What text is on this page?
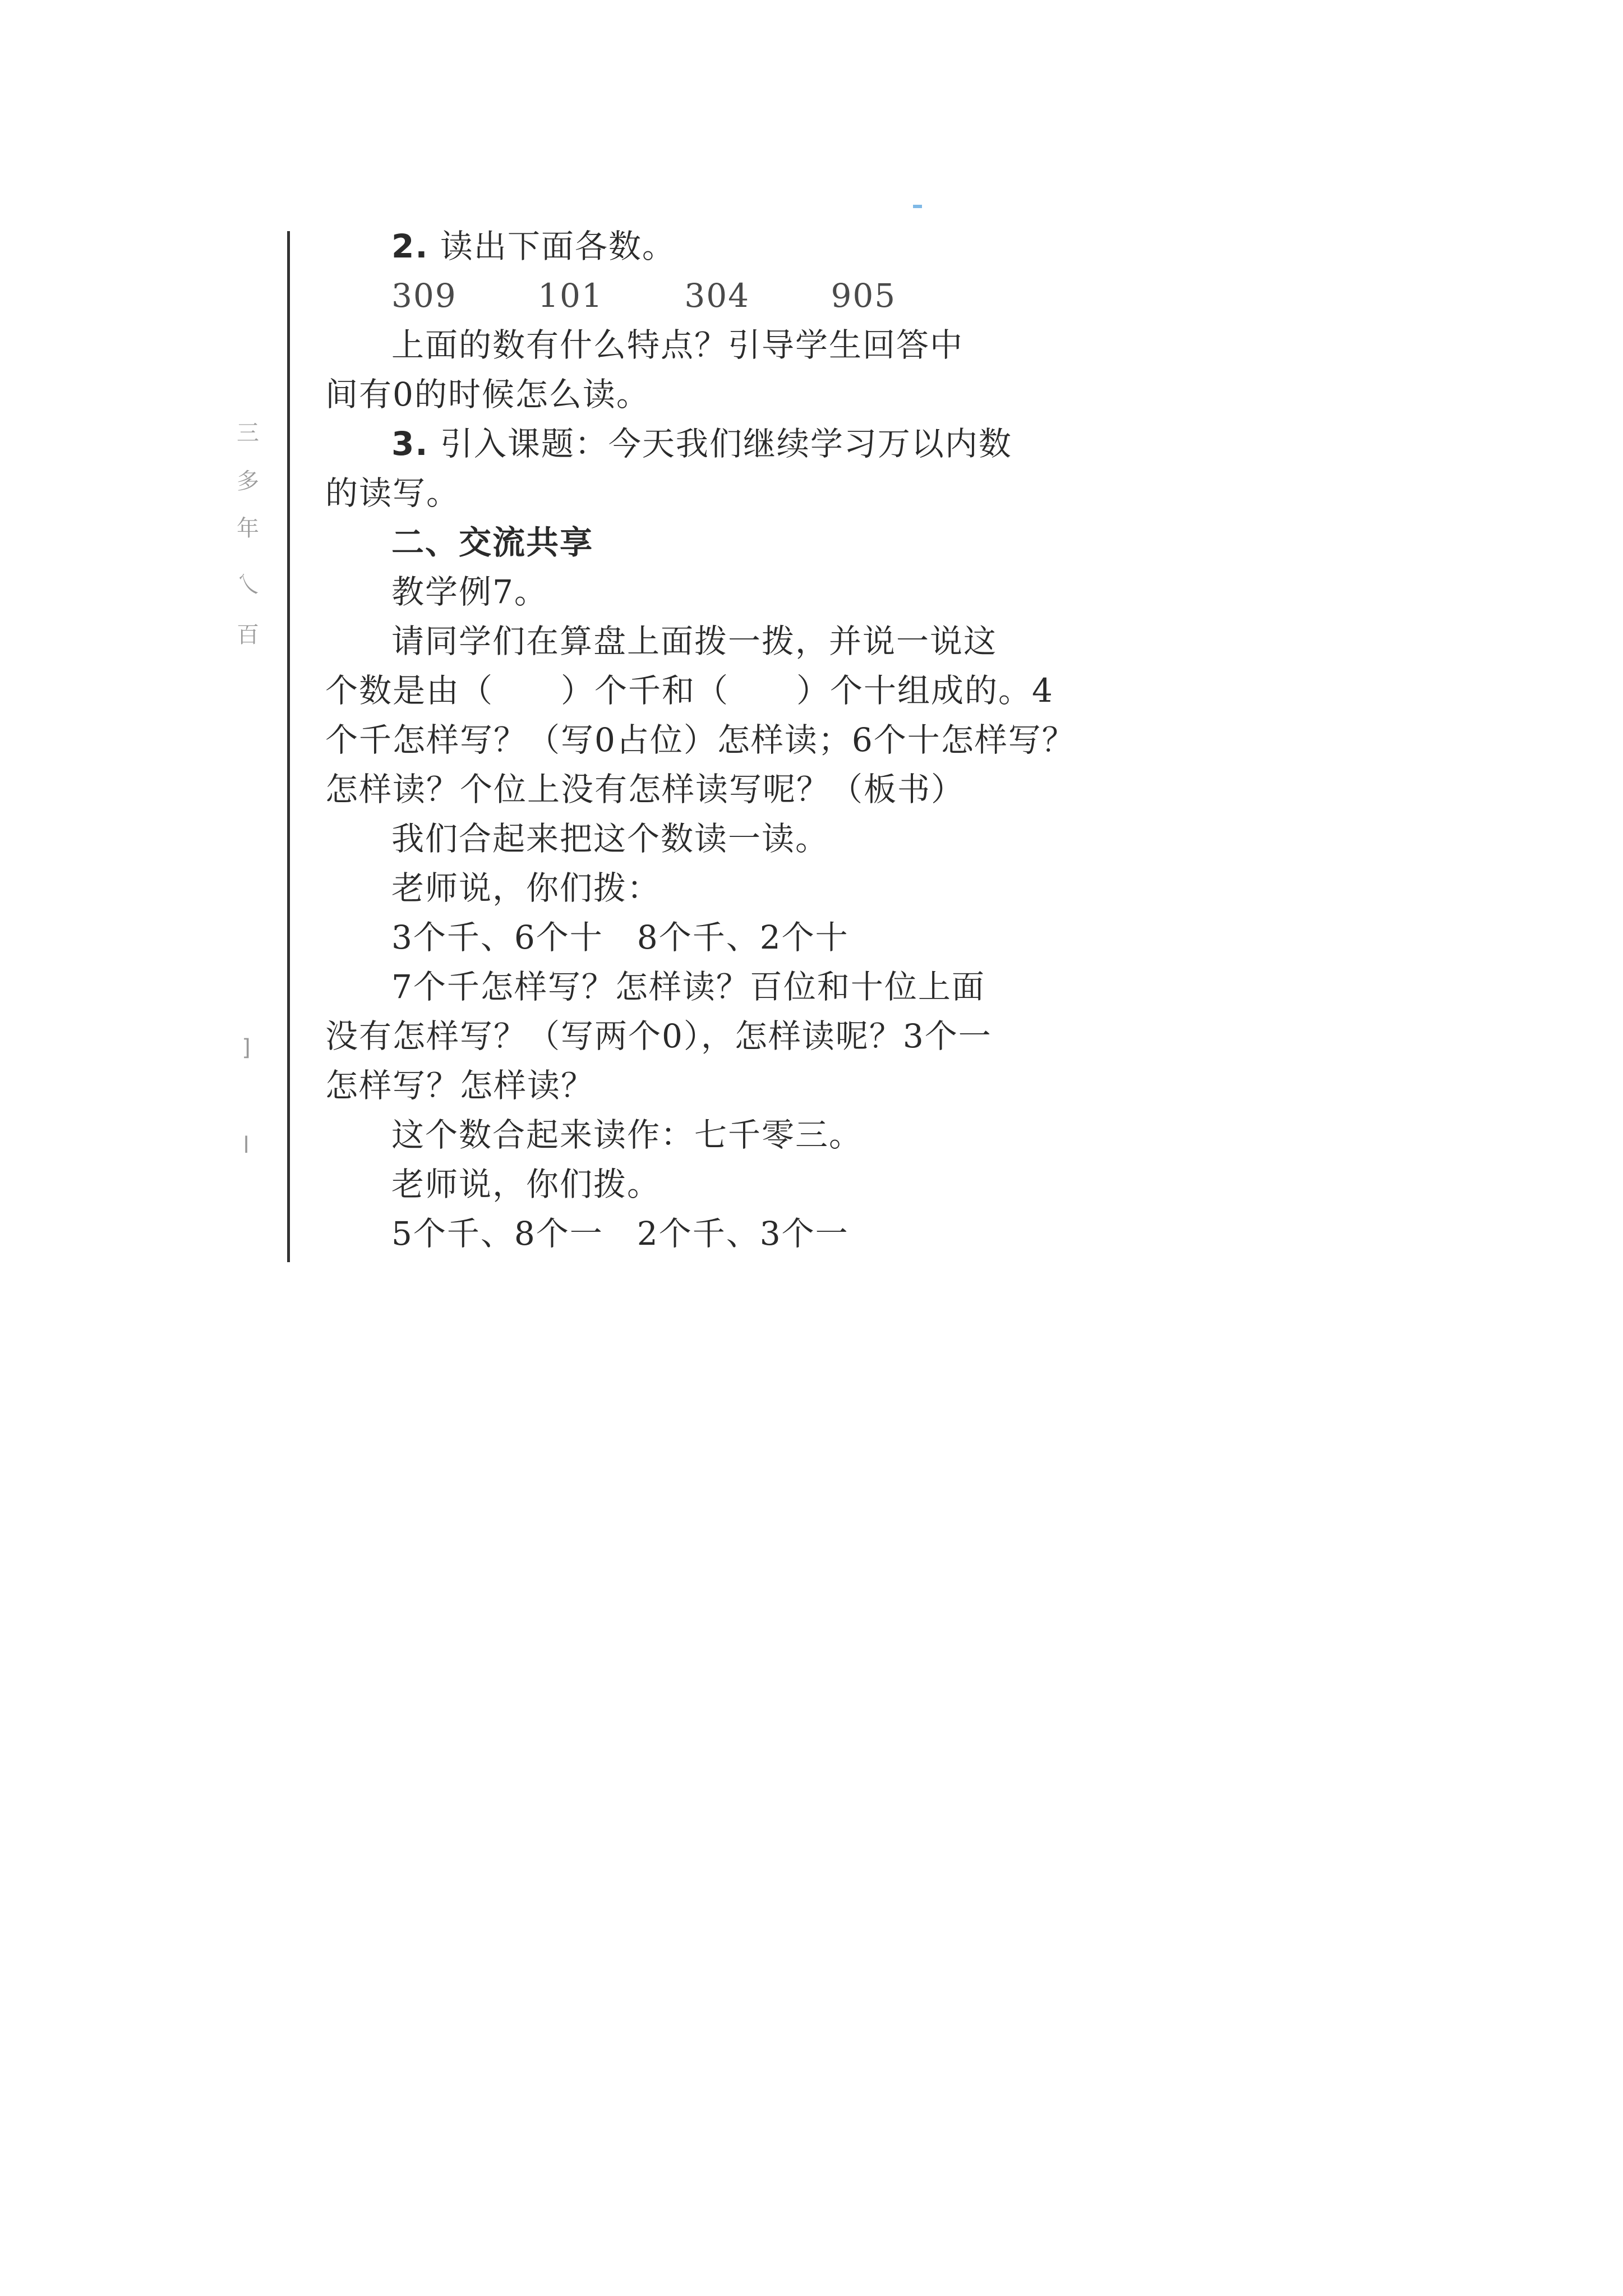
三
多
年
乀
百
]
l
2. 读出下面各数。
309 101 304 905
上面的数有什么特点？引导学生回答中
间有0的时候怎么读。
3. 引入课题：今天我们继续学习万以内数
的读写。
二、交流共享
教学例7。
请同学们在算盘上面拨一拨，并说一说这
个数是由（　　）个千和（　　）个十组成的。4
个千怎样写？（写0占位）怎样读；6个十怎样写？
怎样读？个位上没有怎样读写呢？（板书）
我们合起来把这个数读一读。
老师说，你们拨：
3个千、6个十　8个千、2个十
7个千怎样写？怎样读？百位和十位上面
没有怎样写？（写两个0），怎样读呢？3个一
怎样写？怎样读？
这个数合起来读作：七千零三。
老师说，你们拨。
5个千、8个一　2个千、3个一
